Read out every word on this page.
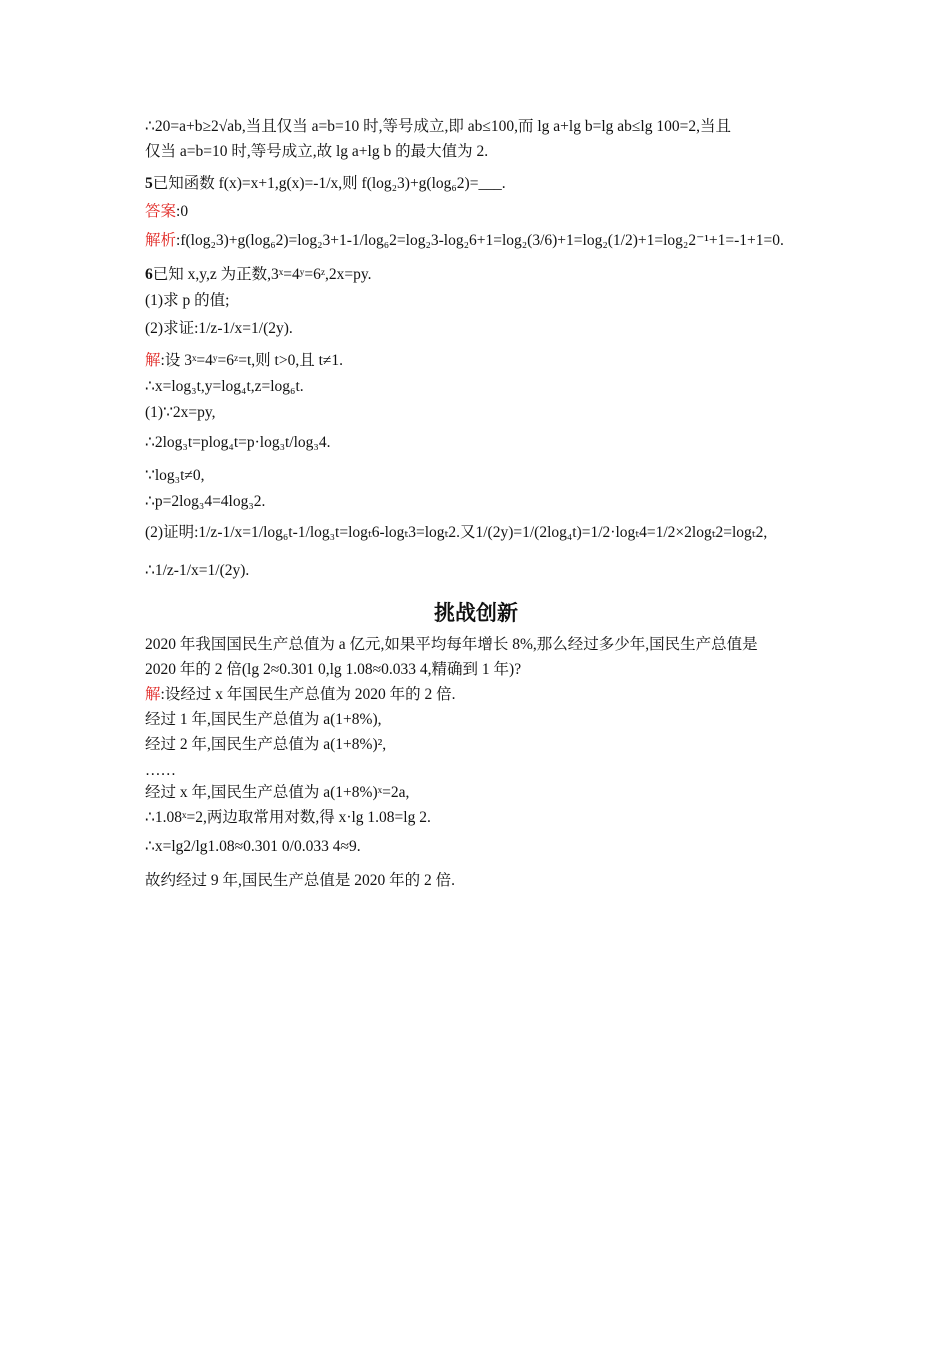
∴20=a+b≥2√ab,当且仅当 a=b=10 时,等号成立,即 ab≤100,而 lg a+lg b=lg ab≤lg 100=2,当且
仅当 a=b=10 时,等号成立,故 lg a+lg b 的最大值为 2.
5已知函数 f(x)=x+1,g(x)=-1/x,则 f(log₂3)+g(log₆2)=___.
答案:0
解析:f(log₂3)+g(log₆2)=log₂3+1-1/log₆2=log₂3-log₂6+1=log₂(3/6)+1=log₂(1/2)+1=log₂2⁻¹+1=-1+1=0.
6已知 x,y,z 为正数,3ˣ=4ʸ=6ᶻ,2x=py.
(1)求 p 的值;
(2)求证:1/z-1/x=1/(2y).
解:设 3ˣ=4ʸ=6ᶻ=t,则 t>0,且 t≠1.
∴x=log₃t,y=log₄t,z=log₆t.
(1)∵2x=py,
∴2log₃t=plog₄t=p·log₃t/log₃4.
∵log₃t≠0,
∴p=2log₃4=4log₃2.
(2)证明:1/z-1/x=1/log₆t-1/log₃t=logₜ6-logₜ3=logₜ2.又1/(2y)=1/(2log₄t)=1/2·logₜ4=1/2×2logₜ2=logₜ2,
∴1/z-1/x=1/(2y).
挑战创新
2020 年我国国民生产总值为 a 亿元,如果平均每年增长 8%,那么经过多少年,国民生产总值是
2020 年的 2 倍(lg 2≈0.301 0,lg 1.08≈0.033 4,精确到 1 年)?
解:设经过 x 年国民生产总值为 2020 年的 2 倍.
经过 1 年,国民生产总值为 a(1+8%),
经过 2 年,国民生产总值为 a(1+8%)²,
……
经过 x 年,国民生产总值为 a(1+8%)ˣ=2a,
∴1.08ˣ=2,两边取常用对数,得 x·lg 1.08=lg 2.
∴x=lg2/lg1.08≈0.301 0/0.033 4≈9.
故约经过 9 年,国民生产总值是 2020 年的 2 倍.
